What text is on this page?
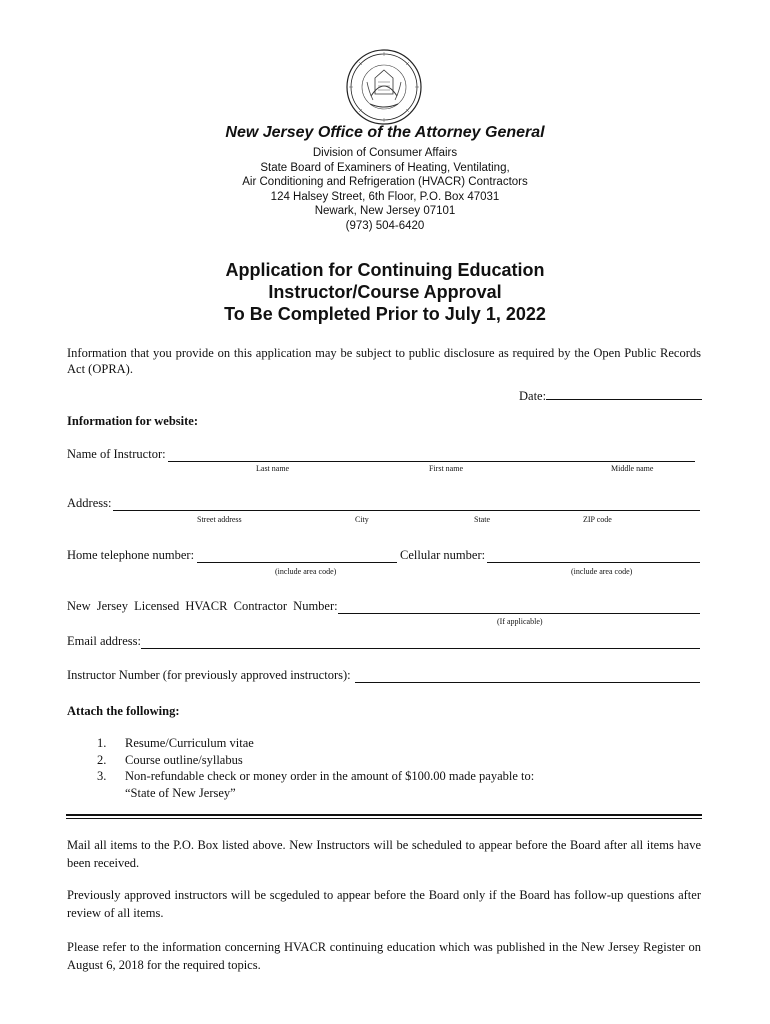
New Jersey Office of the Attorney General
Division of Consumer Affairs
State Board of Examiners of Heating, Ventilating,
Air Conditioning and Refrigeration (HVACR) Contractors
124 Halsey Street, 6th Floor, P.O. Box 47031
Newark, New Jersey 07101
(973) 504-6420
Application for Continuing Education
Instructor/Course Approval
To Be Completed Prior to July 1, 2022
Information that you provide on this application may be subject to public disclosure as required by the Open Public Records Act (OPRA).
Date:
Information for website:
Name of Instructor:
Last name	First name	Middle name
Address:
Street address	City	State	ZIP code
Home telephone number:	Cellular number:
(include area code)	(include area code)
New Jersey Licensed HVACR Contractor Number:
(If applicable)
Email address:
Instructor Number (for previously approved instructors):
Attach the following:
1.	Resume/Curriculum vitae
2.	Course outline/syllabus
3.	Non-refundable check or money order in the amount of $100.00 made payable to:
“State of New Jersey”
Mail all items to the P.O. Box listed above. New Instructors will be scheduled to appear before the Board after all items have been received.
Previously approved instructors will be scgeduled to appear before the Board only if the Board has follow-up questions after review of all items.
Please refer to the information concerning HVACR continuing education which was published in the New Jersey Register on August 6, 2018 for the required topics.
